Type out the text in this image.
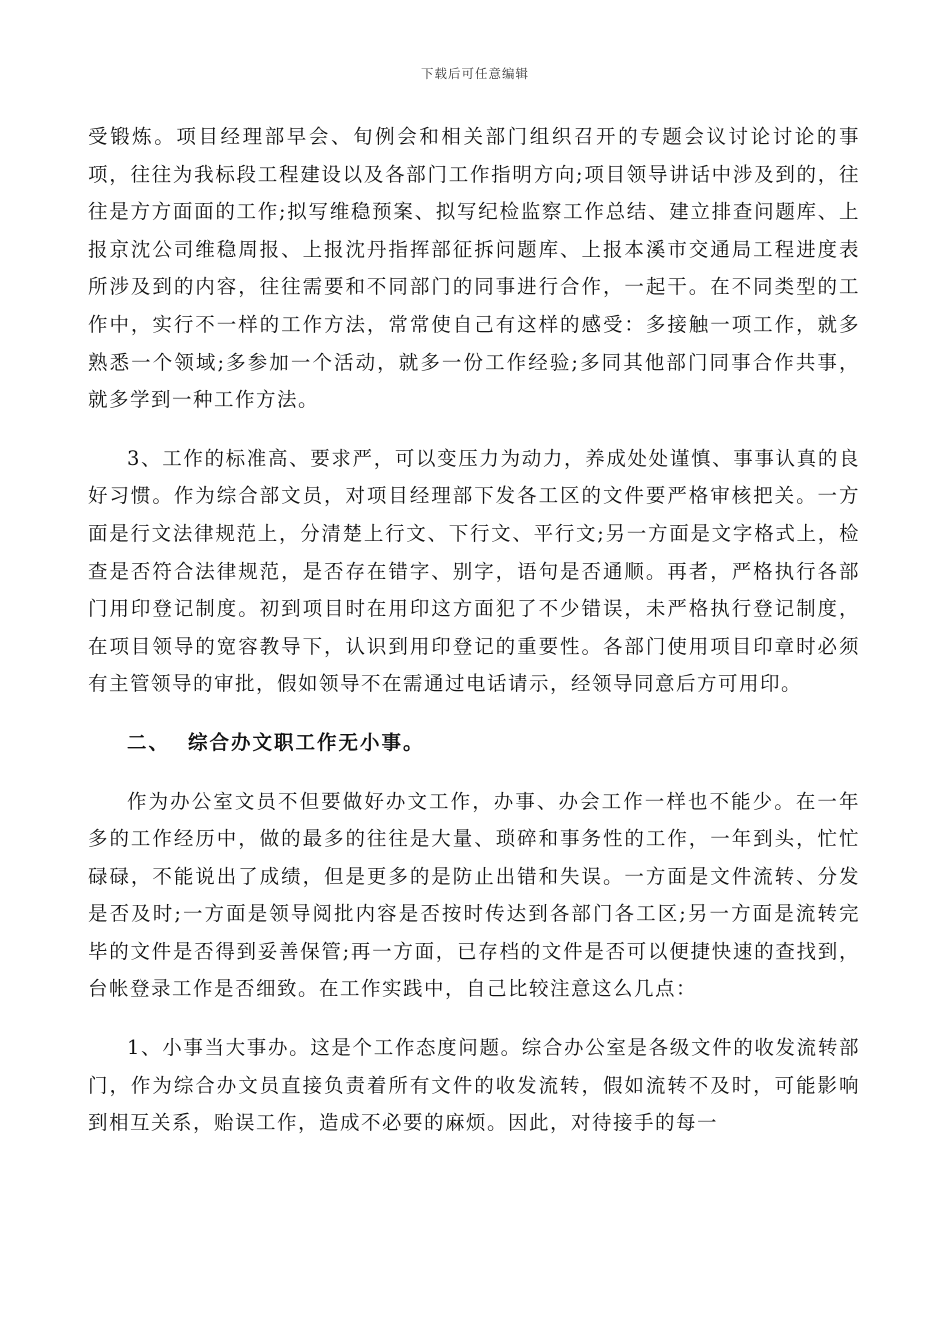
下载后可任意编辑

受锻炼。项目经理部早会、旬例会和相关部门组织召开的专题会议讨论讨论的事项，往往为我标段工程建设以及各部门工作指明方向;项目领导讲话中涉及到的，往往是方方面面的工作;拟写维稳预案、拟写纪检监察工作总结、建立排查问题库、上报京沈公司维稳周报、上报沈丹指挥部征拆问题库、上报本溪市交通局工程进度表所涉及到的内容，往往需要和不同部门的同事进行合作，一起干。在不同类型的工作中，实行不一样的工作方法，常常使自己有这样的感受：多接触一项工作，就多熟悉一个领域;多参加一个活动，就多一份工作经验;多同其他部门同事合作共事，就多学到一种工作方法。

3、工作的标准高、要求严，可以变压力为动力，养成处处谨慎、事事认真的良好习惯。作为综合部文员，对项目经理部下发各工区的文件要严格审核把关。一方面是行文法律规范上，分清楚上行文、下行文、平行文;另一方面是文字格式上，检查是否符合法律规范，是否存在错字、别字，语句是否通顺。再者，严格执行各部门用印登记制度。初到项目时在用印这方面犯了不少错误，未严格执行登记制度，在项目领导的宽容教导下，认识到用印登记的重要性。各部门使用项目印章时必须有主管领导的审批，假如领导不在需通过电话请示，经领导同意后方可用印。

二、 综合办文职工作无小事。

作为办公室文员不但要做好办文工作，办事、办会工作一样也不能少。在一年多的工作经历中，做的最多的往往是大量、琐碎和事务性的工作，一年到头，忙忙碌碌，不能说出了成绩，但是更多的是防止出错和失误。一方面是文件流转、分发是否及时;一方面是领导阅批内容是否按时传达到各部门各工区;另一方面是流转完毕的文件是否得到妥善保管;再一方面，已存档的文件是否可以便捷快速的查找到，台帐登录工作是否细致。在工作实践中，自己比较注意这么几点：

1、小事当大事办。这是个工作态度问题。综合办公室是各级文件的收发流转部门，作为综合办文员直接负责着所有文件的收发流转，假如流转不及时，可能影响到相互关系，贻误工作，造成不必要的麻烦。因此，对待接手的每一
